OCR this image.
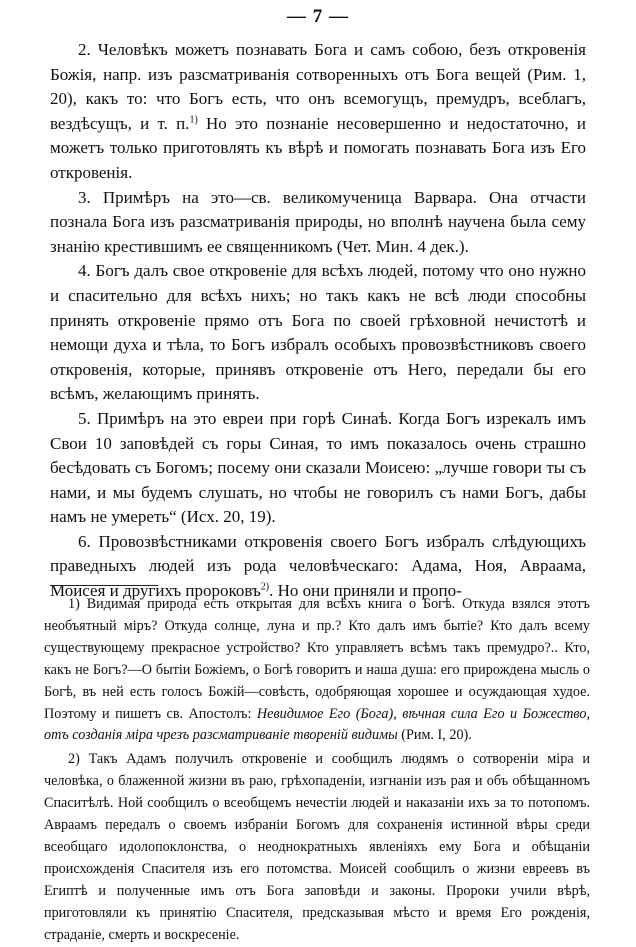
— 7 —

2. Человѣкъ можетъ познавать Бога и самъ собою, безъ откровенія Божія, напр. изъ разсматриванія сотворенныхъ отъ Бога вещей (Рим. 1, 20), какъ то: что Богъ есть, что онъ всемогущъ, премудръ, всеблагъ, вездѣсущъ, и т. п.$^{1)}$ Но это познаніе несовершенно и недостаточно, и можетъ только приготовлять къ вѣрѣ и помогать познавать Бога изъ Его откровенія.

3. Примѣръ на это—св. великомученица Варвара. Она отчасти познала Бога изъ разсматриванія природы, но вполнѣ научена была сему знанію крестившимъ ее священникомъ (Чет. Мин. 4 дек.).

4. Богъ далъ свое откровеніе для всѣхъ людей, потому что оно нужно и спасительно для всѣхъ нихъ; но такъ какъ не всѣ люди способны принять откровеніе прямо отъ Бога по своей грѣховной нечистотѣ и немощи духа и тѣла, то Богъ избралъ особыхъ провозвѣстниковъ своего откровенія, которые, принявъ откровеніе отъ Него, передали бы его всѣмъ, желающимъ принять.

5. Примѣръ на это евреи при горѣ Синаѣ. Когда Богъ изрекалъ имъ Свои 10 заповѣдей съ горы Синая, то имъ показалось очень страшно бесѣдовать съ Богомъ; посему они сказали Моисею: „лучше говори ты съ нами, и мы будемъ слушать, но чтобы не говорилъ съ нами Богъ, дабы намъ не умереть“ (Исх. 20, 19).

6. Провозвѣстниками откровенія своего Богъ избралъ слѣдующихъ праведныхъ людей изъ рода человѣческаго: Адама, Ноя, Авраама, Моисея и другихъ пророковъ$^{2)}$. Но они приняли и пропо-

1) Видимая природа есть открытая для всѣхъ книга о Богѣ. Откуда взялся этотъ необъятный міръ? Откуда солнце, луна и пр.? Кто далъ имъ бытіе? Кто далъ всему существующему прекрасное устройство? Кто управляетъ всѣмъ такъ премудро?.. Кто, какъ не Богъ?—О бытіи Божіемъ, о Богѣ говоритъ и наша душа: его прирождена мысль о Богѣ, въ ней есть голосъ Божій—совѣсть, одобряющая хорошее и осуждающая худое. Поэтому и пишетъ св. Апостолъ: Невидимое Его (Бога), вѣчная сила Его и Божество, отъ созданія міра чрезъ разсматриваніе твореній видимы (Рим. I, 20).

2) Такъ Адамъ получилъ откровеніе и сообщилъ людямъ о сотвореніи міра и человѣка, о блаженной жизни въ раю, грѣхопаденіи, изгнаніи изъ рая и объ обѣщанномъ Спаситѣлѣ. Ной сообщилъ о всеобщемъ нечестіи людей и наказаніи ихъ за то потопомъ. Авраамъ передалъ о своемъ избраніи Богомъ для сохраненія истинной вѣры среди всеобщаго идолопоклонства, о неоднократныхъ явленіяхъ ему Бога и обѣщаніи происхожденія Спасителя изъ его потомства. Моисей сообщилъ о жизни евреевъ въ Египтѣ и полученные имъ отъ Бога заповѣди и законы. Пророки учили вѣрѣ, приготовляли къ принятію Спасителя, предсказывая мѣсто и время Его рожденія, страданіе, смерть и воскресеніе.
